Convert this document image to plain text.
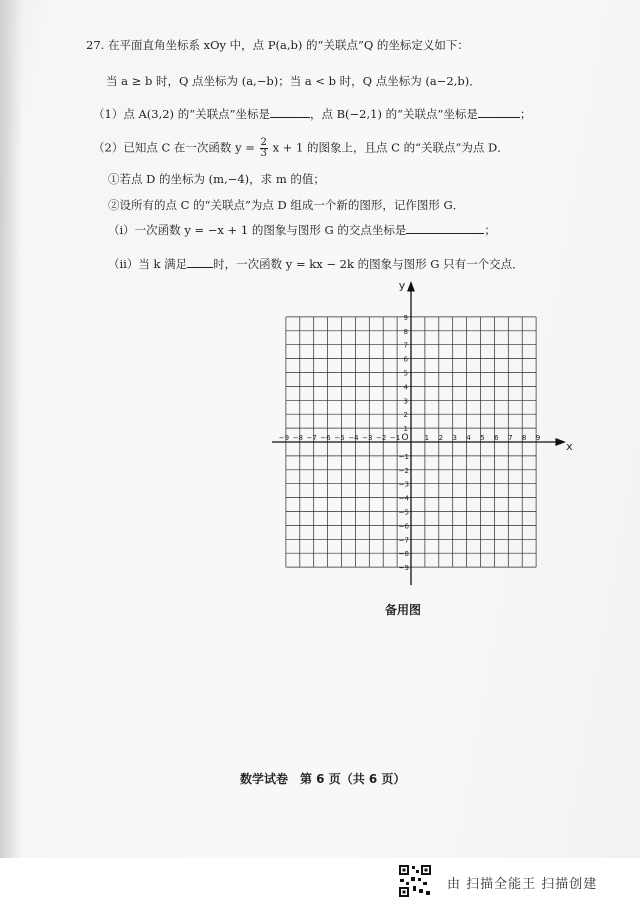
27. 在平面直角坐标系 xOy 中，点 P(a,b) 的“关联点”Q 的坐标定义如下：
当 a ≥ b 时，Q 点坐标为 (a,−b)；当 a < b 时，Q 点坐标为 (a−2,b)．
（1）点 A(3,2) 的“关联点”坐标是	，点 B(−2,1) 的“关联点”坐标是	；
（2）已知点 C 在一次函数 $y = \frac{2}{3}$ x + 1 的图象上，且点 C 的“关联点”为点 D．
①若点 D 的坐标为 (m,−4)，求 m 的值；
②设所有的点 C 的“关联点”为点 D 组成一个新的图形，记作图形 G．
（ⅰ）一次函数 y = −x + 1 的图象与图形 G 的交点坐标是	；
（ⅱ）当 k 满足 时，一次函数 y = kx − 2k 的图象与图形 G 只有一个交点．
x
y
O
−9 −8 −7 −6 −5 −4 −3 −2 −1	1 2 3 4 5 6 7 8 9
9
8
7
6
5
4
3
2
1
−1
−2
−3
−4
−5
−6
−7
−8
−9
备用图
数学试卷　第 6 页（共 6 页）
由 扫描全能王 扫描创建
